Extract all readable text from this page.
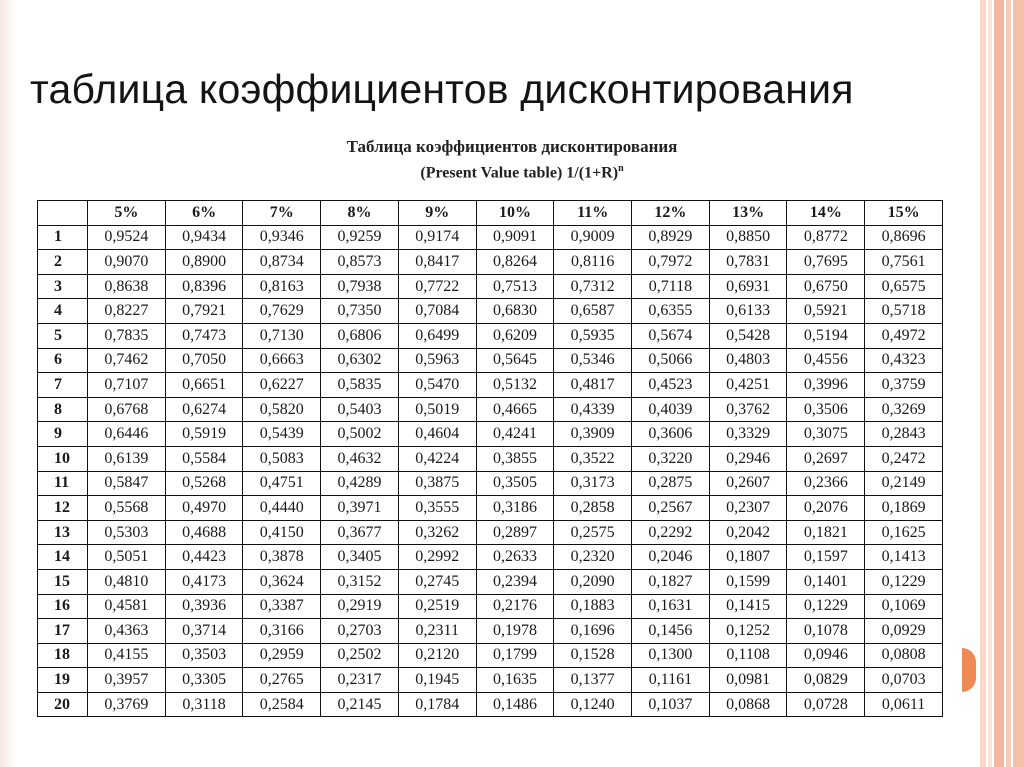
таблица коэффициентов дисконтирования
Таблица коэффициентов дисконтирования
(Present Value table) $1/(1+R)^n$
	5%	6%	7%	8%	9%	10%	11%	12%	13%	14%	15%
1	0,9524	0,9434	0,9346	0,9259	0,9174	0,9091	0,9009	0,8929	0,8850	0,8772	0,8696
2	0,9070	0,8900	0,8734	0,8573	0,8417	0,8264	0,8116	0,7972	0,7831	0,7695	0,7561
3	0,8638	0,8396	0,8163	0,7938	0,7722	0,7513	0,7312	0,7118	0,6931	0,6750	0,6575
4	0,8227	0,7921	0,7629	0,7350	0,7084	0,6830	0,6587	0,6355	0,6133	0,5921	0,5718
5	0,7835	0,7473	0,7130	0,6806	0,6499	0,6209	0,5935	0,5674	0,5428	0,5194	0,4972
6	0,7462	0,7050	0,6663	0,6302	0,5963	0,5645	0,5346	0,5066	0,4803	0,4556	0,4323
7	0,7107	0,6651	0,6227	0,5835	0,5470	0,5132	0,4817	0,4523	0,4251	0,3996	0,3759
8	0,6768	0,6274	0,5820	0,5403	0,5019	0,4665	0,4339	0,4039	0,3762	0,3506	0,3269
9	0,6446	0,5919	0,5439	0,5002	0,4604	0,4241	0,3909	0,3606	0,3329	0,3075	0,2843
10	0,6139	0,5584	0,5083	0,4632	0,4224	0,3855	0,3522	0,3220	0,2946	0,2697	0,2472
11	0,5847	0,5268	0,4751	0,4289	0,3875	0,3505	0,3173	0,2875	0,2607	0,2366	0,2149
12	0,5568	0,4970	0,4440	0,3971	0,3555	0,3186	0,2858	0,2567	0,2307	0,2076	0,1869
13	0,5303	0,4688	0,4150	0,3677	0,3262	0,2897	0,2575	0,2292	0,2042	0,1821	0,1625
14	0,5051	0,4423	0,3878	0,3405	0,2992	0,2633	0,2320	0,2046	0,1807	0,1597	0,1413
15	0,4810	0,4173	0,3624	0,3152	0,2745	0,2394	0,2090	0,1827	0,1599	0,1401	0,1229
16	0,4581	0,3936	0,3387	0,2919	0,2519	0,2176	0,1883	0,1631	0,1415	0,1229	0,1069
17	0,4363	0,3714	0,3166	0,2703	0,2311	0,1978	0,1696	0,1456	0,1252	0,1078	0,0929
18	0,4155	0,3503	0,2959	0,2502	0,2120	0,1799	0,1528	0,1300	0,1108	0,0946	0,0808
19	0,3957	0,3305	0,2765	0,2317	0,1945	0,1635	0,1377	0,1161	0,0981	0,0829	0,0703
20	0,3769	0,3118	0,2584	0,2145	0,1784	0,1486	0,1240	0,1037	0,0868	0,0728	0,0611
